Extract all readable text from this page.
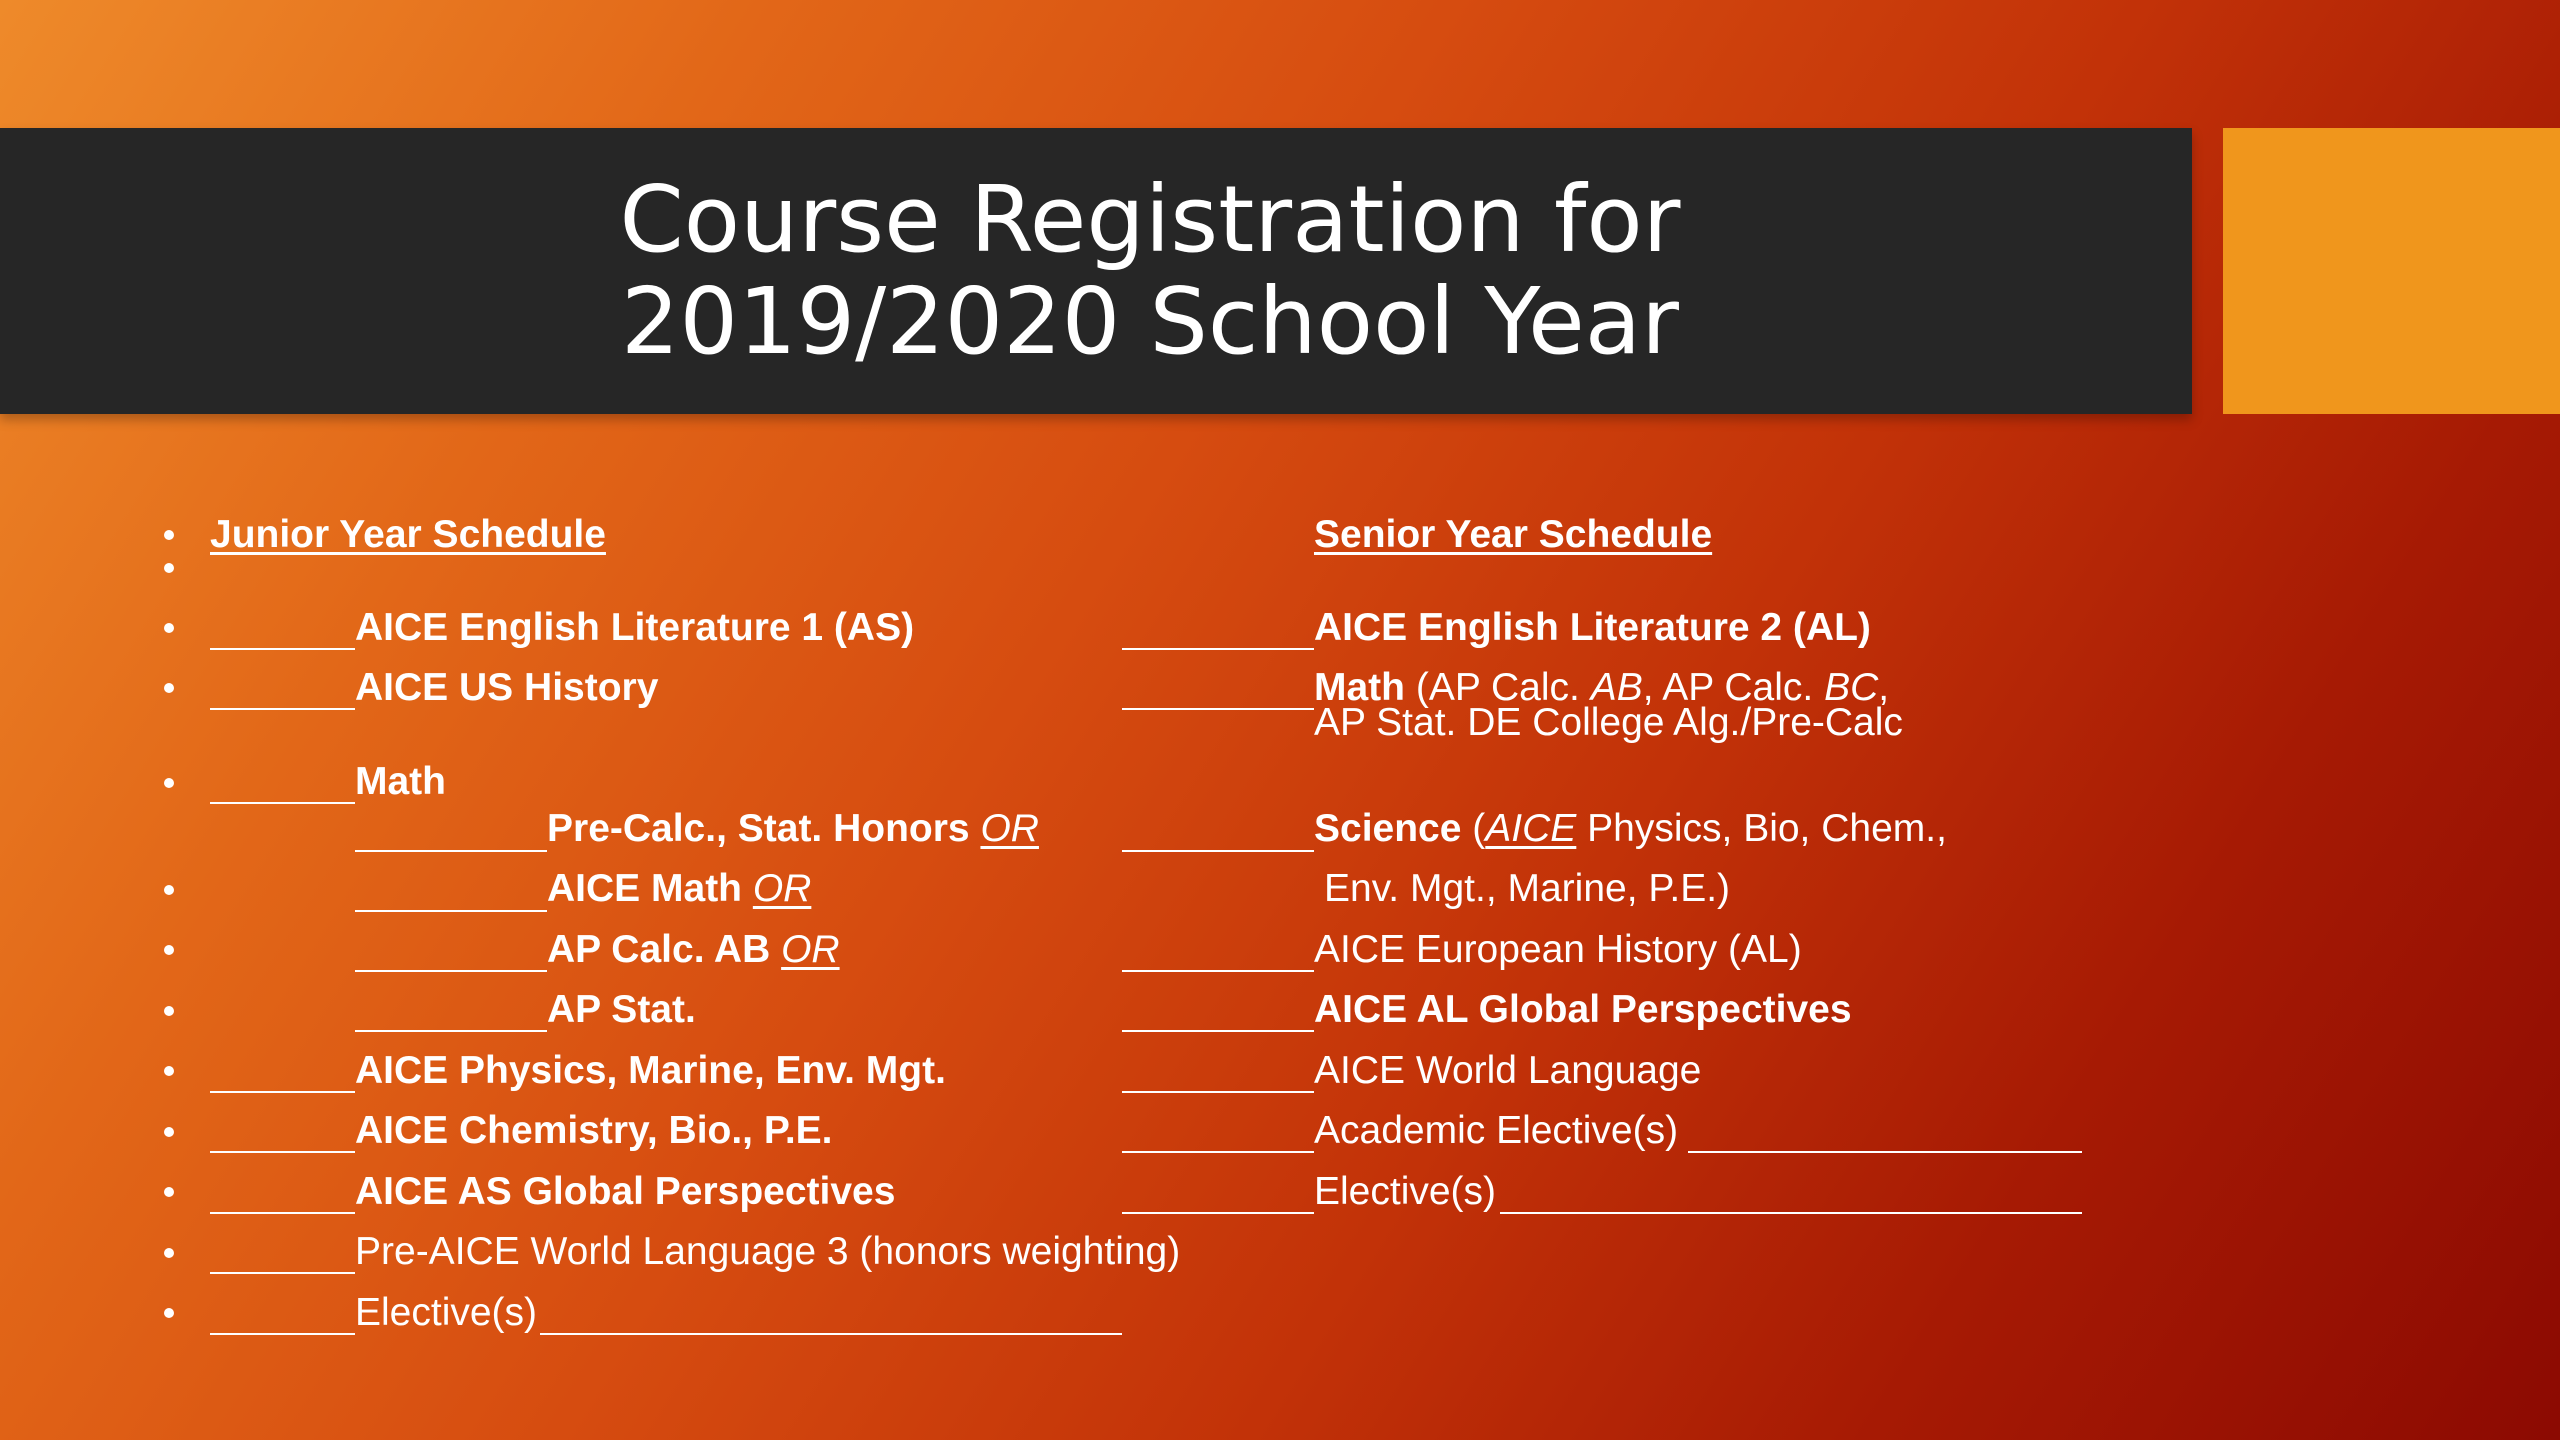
Course Registration for
2019/2020 School Year
Junior Year Schedule
AICE English Literature 1 (AS)
AICE US History
Math
Pre-Calc., Stat. Honors OR
AICE Math OR
AP Calc. AB OR
AP Stat.
AICE Physics, Marine, Env. Mgt.
AICE Chemistry, Bio., P.E.
AICE AS Global Perspectives
Pre-AICE World Language 3 (honors weighting)
Elective(s)
Senior Year Schedule
AICE English Literature 2 (AL)
Math (AP Calc. AB, AP Calc. BC,
AP Stat. DE College Alg./Pre-Calc
Science (AICE Physics, Bio, Chem.,
Env. Mgt., Marine, P.E.)
AICE European History (AL)
AICE AL Global Perspectives
AICE World Language
Academic Elective(s)
Elective(s)
